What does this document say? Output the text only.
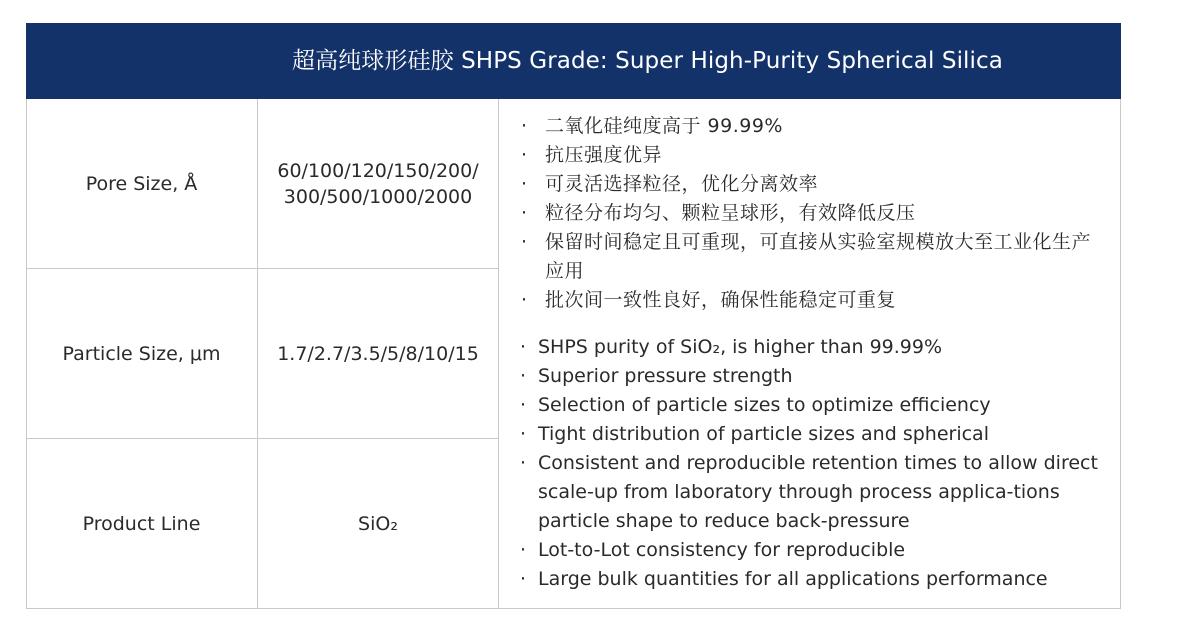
超高纯球形硅胶 SHPS Grade: Super High-Purity Spherical Silica
Pore Size, Å
60/100/120/150/200/
300/500/1000/2000
Particle Size, μm	1.7/2.7/3.5/5/8/10/15
Product Line	SiO₂
· 二氧化硅纯度高于 99.99%
· 抗压强度优异
· 可灵活选择粒径，优化分离效率
· 粒径分布均匀、颗粒呈球形，有效降低反压
· 保留时间稳定且可重现，可直接从实验室规模放大至工业化生产应用
· 批次间一致性良好，确保性能稳定可重复
· SHPS purity of SiO₂, is higher than 99.99%
· Superior pressure strength
· Selection of particle sizes to optimize efficiency
· Tight distribution of particle sizes and spherical
· Consistent and reproducible retention times to allow direct scale-up from laboratory through process applica-tions particle shape to reduce back-pressure
· Lot-to-Lot consistency for reproducible
· Large bulk quantities for all applications performance
